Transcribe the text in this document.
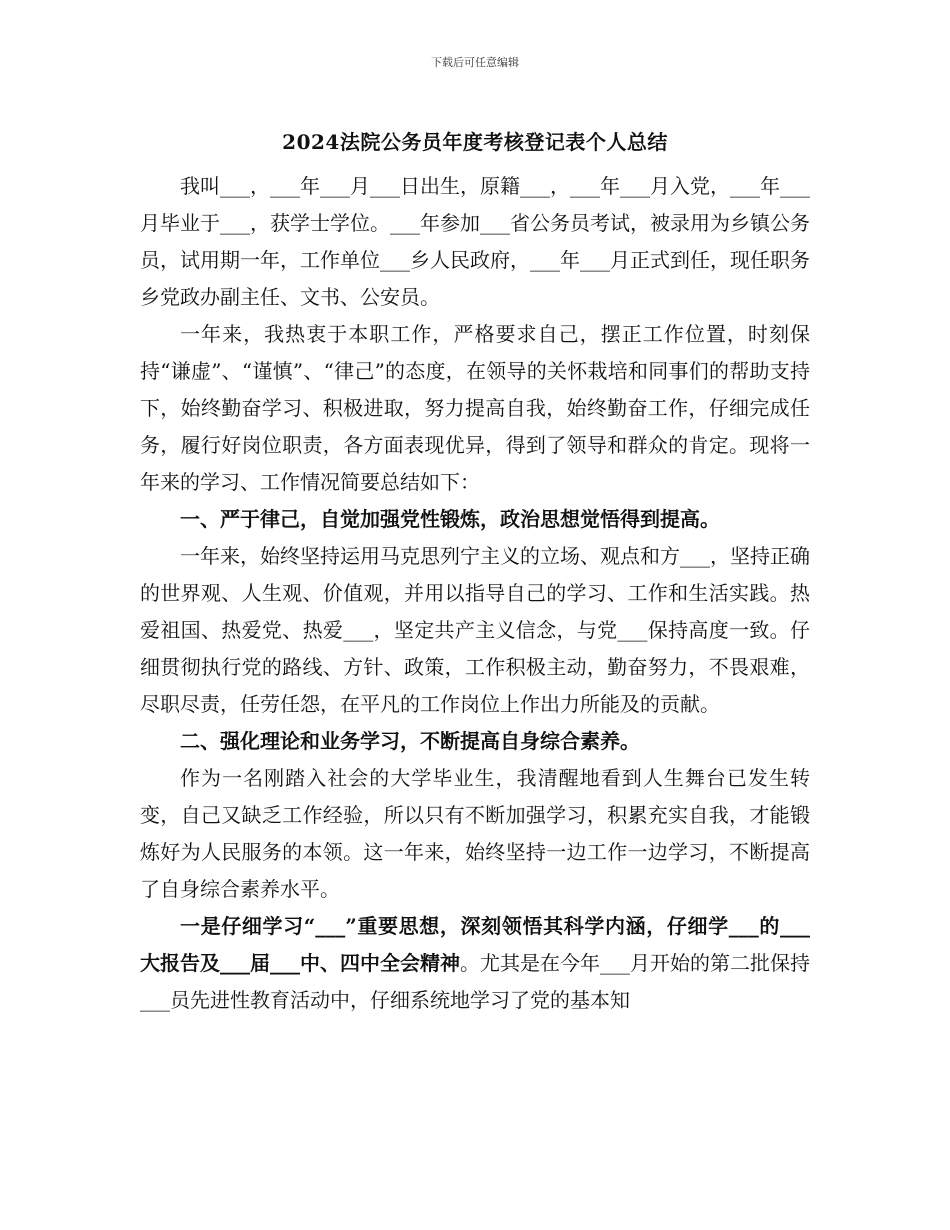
下载后可任意编辑
2024法院公务员年度考核登记表个人总结

我叫___，___年___月___日出生，原籍___，___年___月入党，___年___月毕业于___，获学士学位。___年参加___省公务员考试，被录用为乡镇公务员，试用期一年，工作单位___乡人民政府，___年___月正式到任，现任职务乡党政办副主任、文书、公安员。

一年来，我热衷于本职工作，严格要求自己，摆正工作位置，时刻保持“谦虚”、“谨慎”、“律己”的态度，在领导的关怀栽培和同事们的帮助支持下，始终勤奋学习、积极进取，努力提高自我，始终勤奋工作，仔细完成任务，履行好岗位职责，各方面表现优异，得到了领导和群众的肯定。现将一年来的学习、工作情况简要总结如下：

一、严于律己，自觉加强党性锻炼，政治思想觉悟得到提高。

一年来，始终坚持运用马克思列宁主义的立场、观点和方___，坚持正确的世界观、人生观、价值观，并用以指导自己的学习、工作和生活实践。热爱祖国、热爱党、热爱___，坚定共产主义信念，与党___保持高度一致。仔细贯彻执行党的路线、方针、政策，工作积极主动，勤奋努力，不畏艰难，尽职尽责，任劳任怨，在平凡的工作岗位上作出力所能及的贡献。

二、强化理论和业务学习，不断提高自身综合素养。

作为一名刚踏入社会的大学毕业生，我清醒地看到人生舞台已发生转变，自己又缺乏工作经验，所以只有不断加强学习，积累充实自我，才能锻炼好为人民服务的本领。这一年来，始终坚持一边工作一边学习，不断提高了自身综合素养水平。

一是仔细学习“___”重要思想，深刻领悟其科学内涵，仔细学___的___大报告及___届___中、四中全会精神。尤其是在今年___月开始的第二批保持___员先进性教育活动中，仔细系统地学习了党的基本知
